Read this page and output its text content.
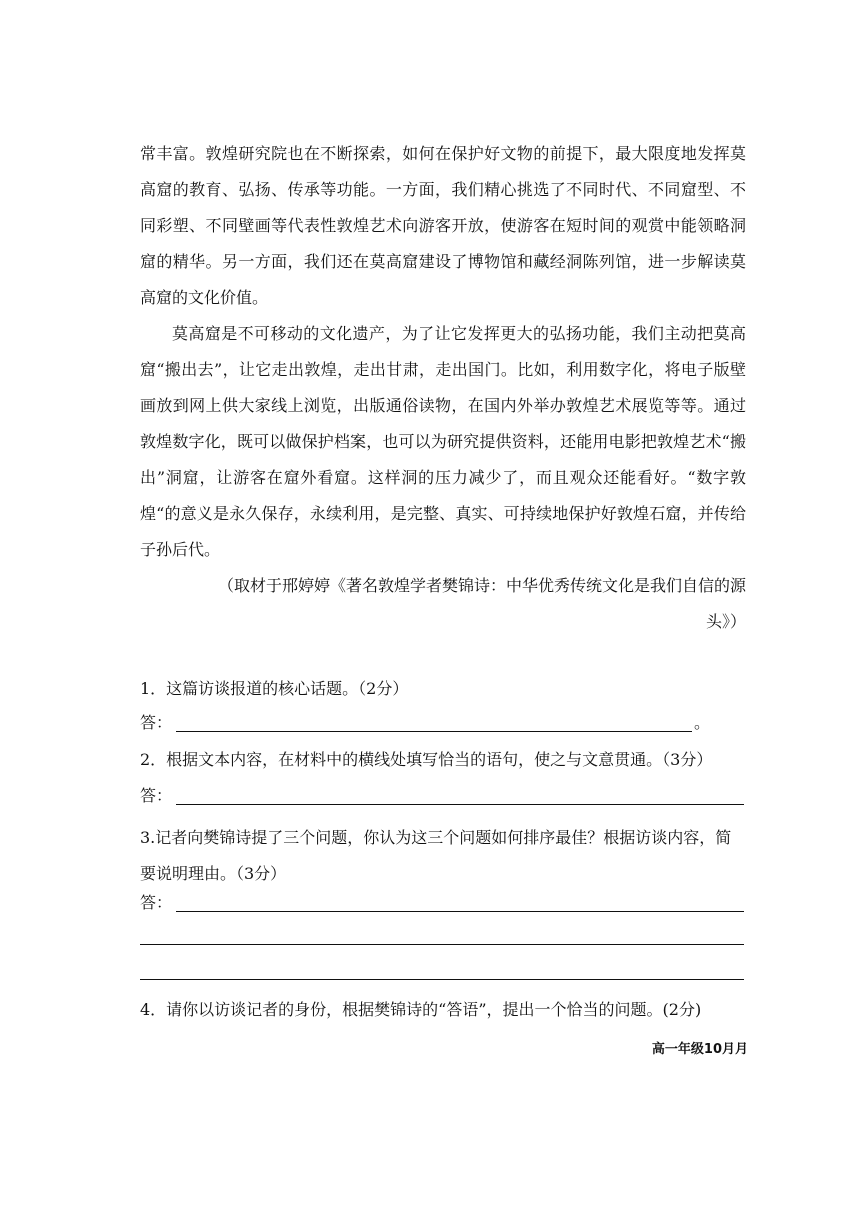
常丰富。敦煌研究院也在不断探索，如何在保护好文物的前提下，最大限度地发挥莫高窟的教育、弘扬、传承等功能。一方面，我们精心挑选了不同时代、不同窟型、不同彩塑、不同壁画等代表性敦煌艺术向游客开放，使游客在短时间的观赏中能领略洞窟的精华。另一方面，我们还在莫高窟建设了博物馆和藏经洞陈列馆，进一步解读莫高窟的文化价值。

莫高窟是不可移动的文化遗产，为了让它发挥更大的弘扬功能，我们主动把莫高窟“搬出去”，让它走出敦煌，走出甘肃，走出国门。比如，利用数字化，将电子版壁画放到网上供大家线上浏览，出版通俗读物，在国内外举办敦煌艺术展览等等。通过敦煌数字化，既可以做保护档案，也可以为研究提供资料，还能用电影把敦煌艺术“搬出”洞窟，让游客在窟外看窟。这样洞的压力减少了，而且观众还能看好。“数字敦煌“的意义是永久保存，永续利用，是完整、真实、可持续地保护好敦煌石窟，并传给子孙后代。

（取材于邢婷婷《著名敦煌学者樊锦诗：中华优秀传统文化是我们自信的源头》）

1．这篇访谈报道的核心话题。（2分）
答：	。
2．根据文本内容，在材料中的横线处填写恰当的语句，使之与文意贯通。（3分）
答：
3.记者向樊锦诗提了三个问题，你认为这三个问题如何排序最佳？根据访谈内容，简要说明理由。（3分）
答：
4．请你以访谈记者的身份，根据樊锦诗的“答语”，提出一个恰当的问题。(2分)
高一年级10月月
